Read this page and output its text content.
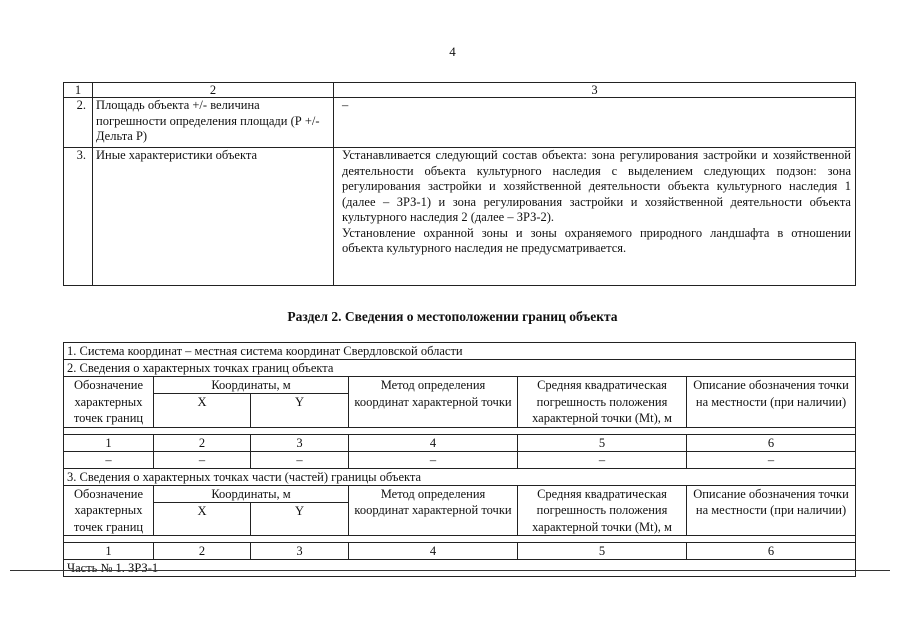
4
1	2	3
2.	Площадь объекта +/- величина погрешности определения площади (Р +/- Дельта Р)	–
3.	Иные характеристики объекта	Устанавливается следующий состав объекта: зона регулирования застройки и хозяйственной деятельности объекта культурного наследия с выделением следующих подзон: зона регулирования застройки и хозяйственной деятельности объекта культурного наследия 1 (далее – ЗРЗ-1) и зона регулирования застройки и хозяйственной деятельности объекта культурного наследия 2 (далее – ЗРЗ-2).
Установление охранной зоны и зоны охраняемого природного ландшафта в отношении объекта культурного наследия не предусматривается.
Раздел 2. Сведения о местоположении границ объекта
1. Система координат – местная система координат Свердловской области					
2. Сведения о характерных точках границ объекта					
Обозначение характерных точек границ	Координаты, м		Метод определения координат характерной точки	Средняя квадратическая погрешность положения характерной точки (Mt), м	Описание обозначения точки на местности (при наличии)
	X	Y			

1	2	3	4	5	6
–	–	–	–	–	–
3. Сведения о характерных точках части (частей) границы объекта					
Обозначение характерных точек границ	Координаты, м		Метод определения координат характерной точки	Средняя квадратическая погрешность положения характерной точки (Mt), м	Описание обозначения точки на местности (при наличии)
	X	Y			

1	2	3	4	5	6
Часть № 1. ЗРЗ-1					
